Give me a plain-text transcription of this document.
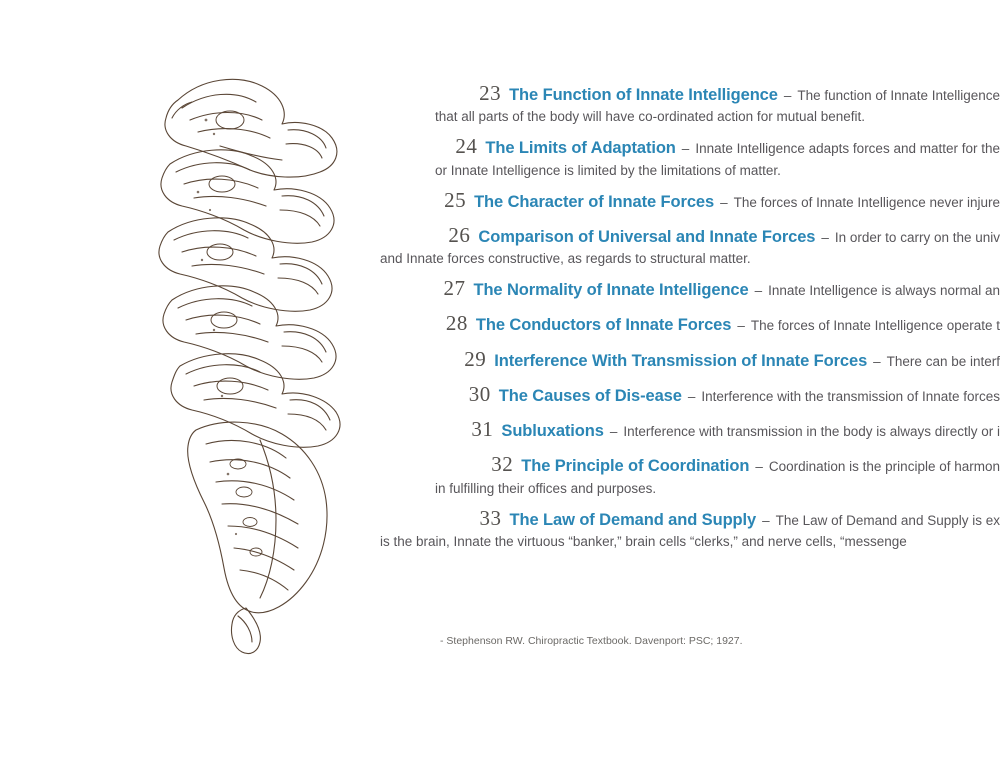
23 The Function of Innate Intelligence – The function of Innate Intelligence
that all parts of the body will have co-ordinated action for mutual benefit.
24 The Limits of Adaptation – Innate Intelligence adapts forces and matter for the
or Innate Intelligence is limited by the limitations of matter.
25 The Character of Innate Forces – The forces of Innate Intelligence never injure
26 Comparison of Universal and Innate Forces – In order to carry on the univ
and Innate forces constructive, as regards to structural matter.
27 The Normality of Innate Intelligence – Innate Intelligence is always normal an
28 The Conductors of Innate Forces – The forces of Innate Intelligence operate t
29 Interference With Transmission of Innate Forces – There can be interf
30 The Causes of Dis-ease – Interference with the transmission of Innate forces
31 Subluxations – Interference with transmission in the body is always directly or i
32 The Principle of Coordination – Coordination is the principle of harmon
in fulfilling their offices and purposes.
33 The Law of Demand and Supply – The Law of Demand and Supply is ex
is the brain, Innate the virtuous “banker,” brain cells “clerks,” and nerve cells, “messenge
- Stephenson RW. Chiropractic Textbook. Davenport: PSC; 1927.
